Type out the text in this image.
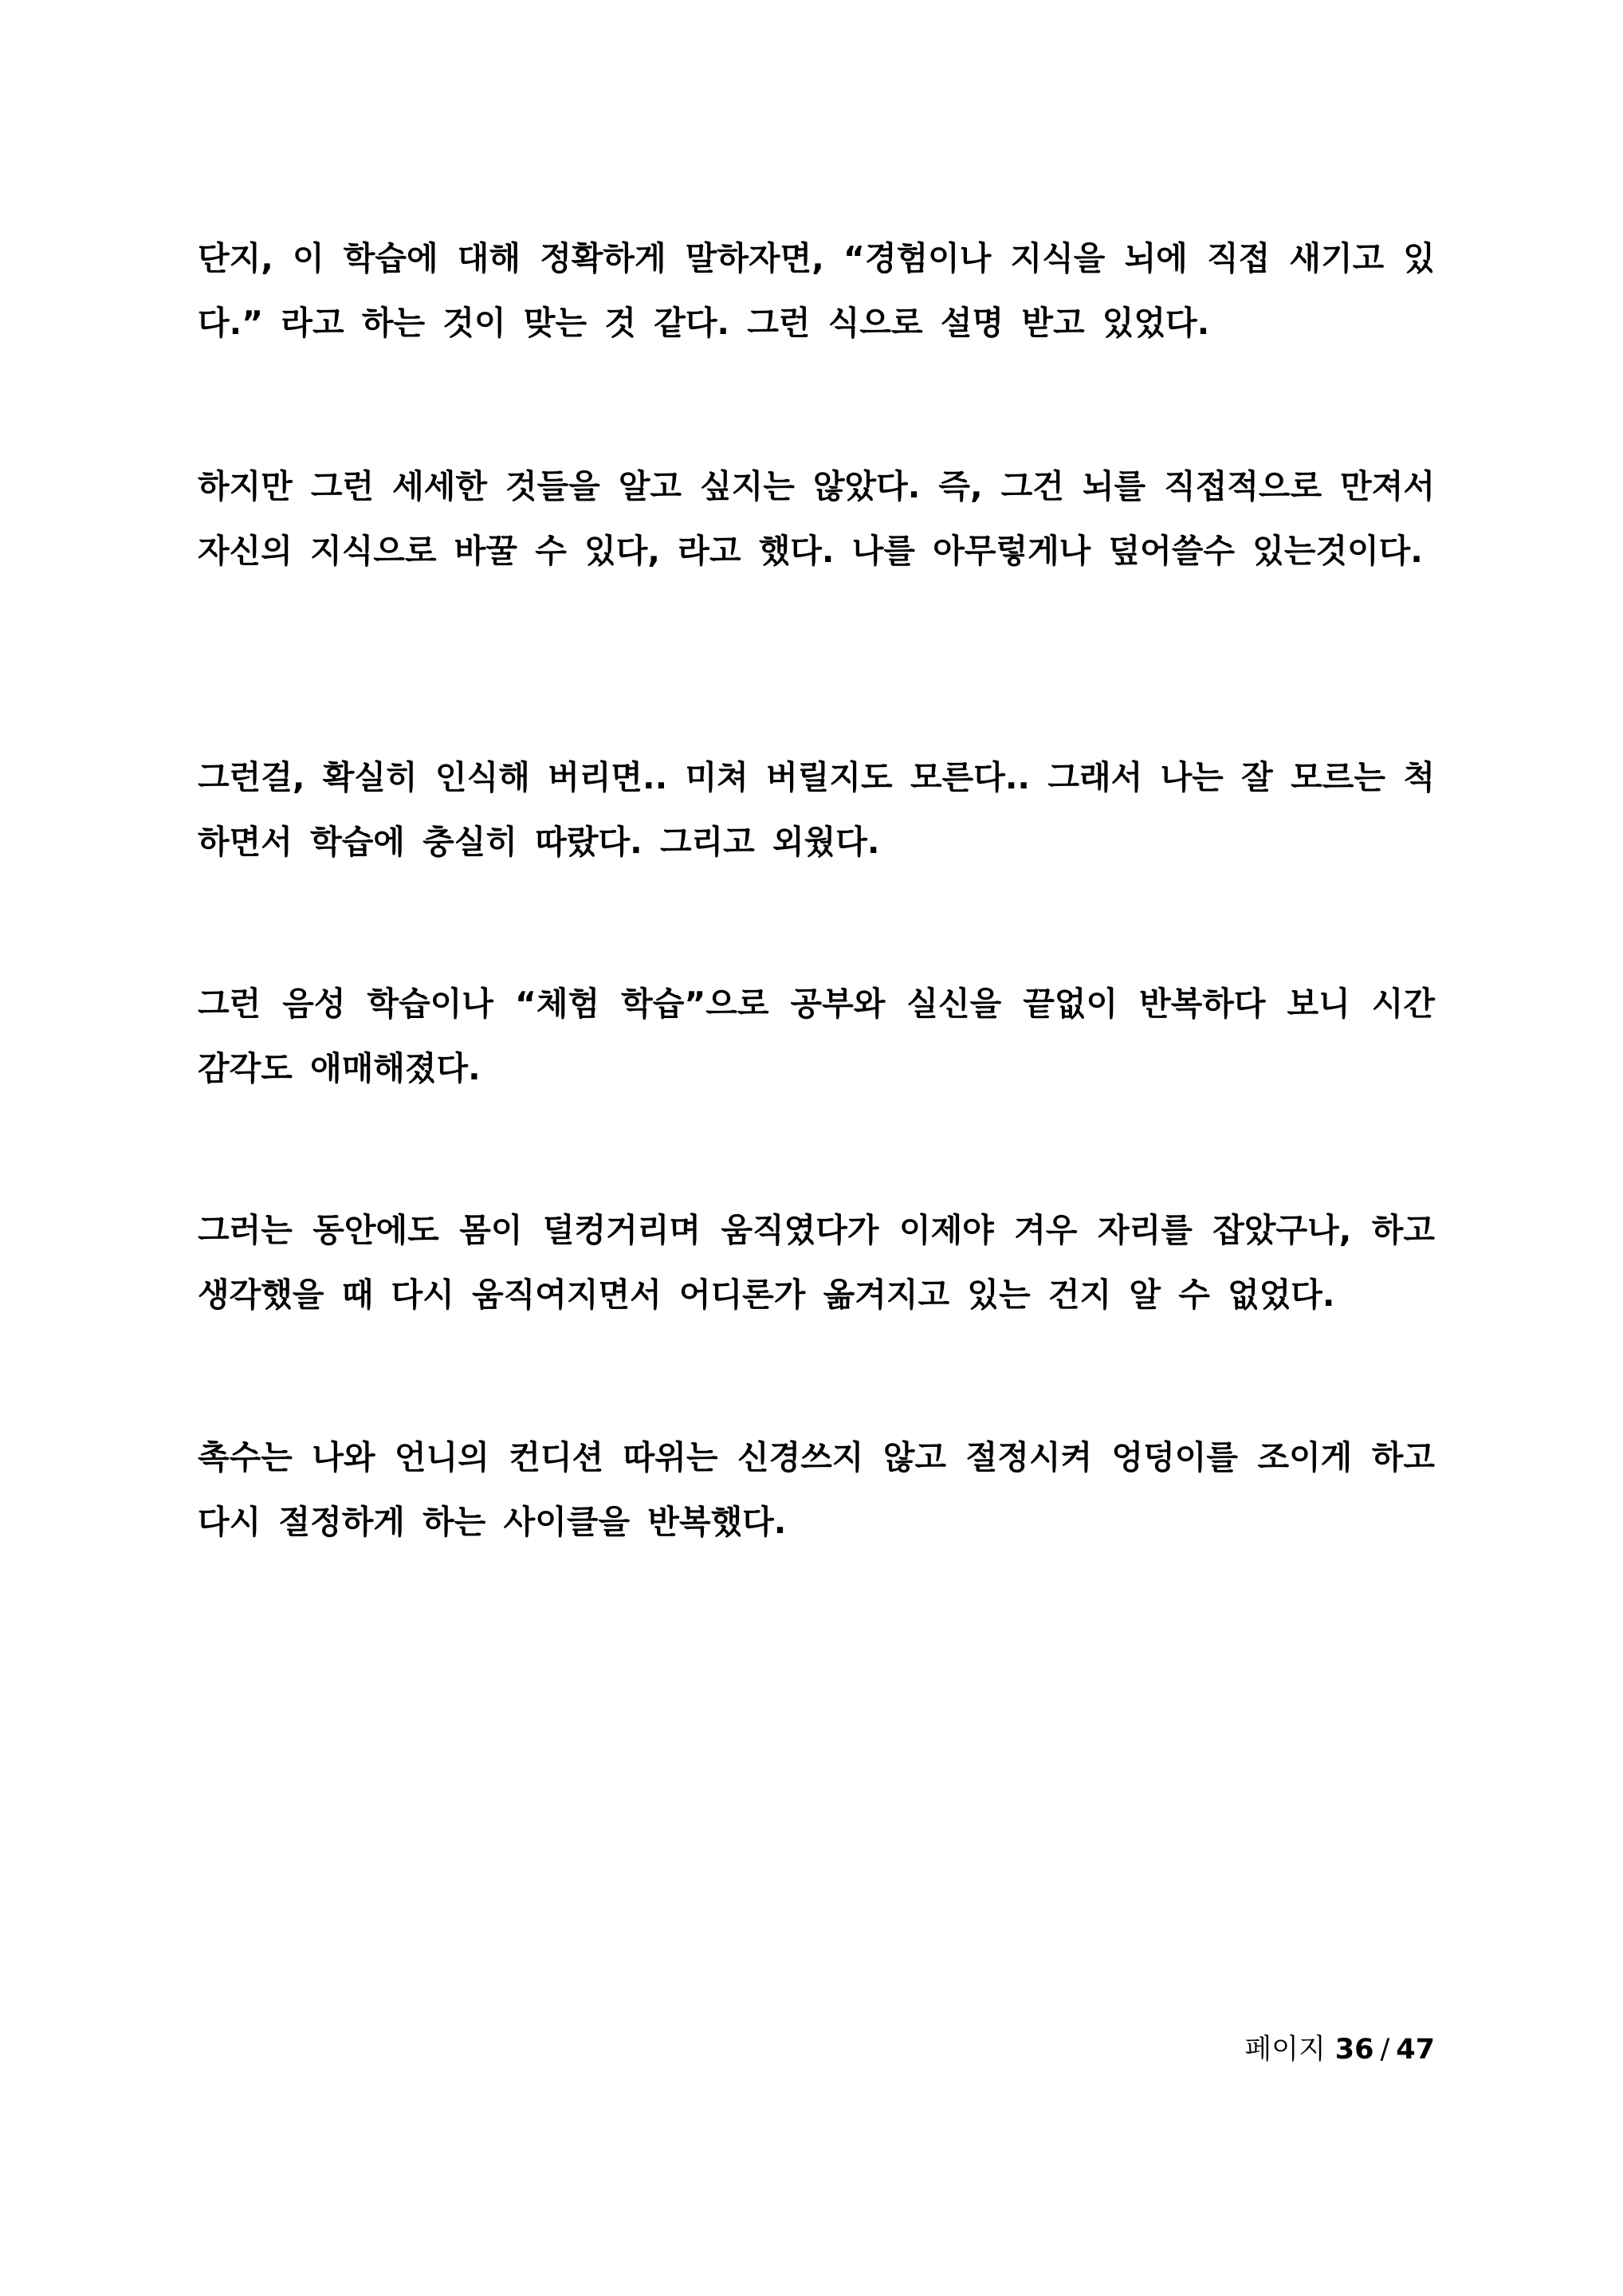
단지, 이 학습에 대해 정확하게 말하자면, “경험이나 지식을 뇌에 직접 새기고 있다.” 라고 하는 것이 맞는 것 같다. 그런 식으로 설명 받고 있었다.

하지만 그런 세세한 것들을 알고 싶지는 않았다. 즉, 그건 뇌를 직접적으로 만져서 자신의 지식으로 바꿀 수 있다, 라고 했다. 나를 아무렇게나 덮어쓸수 있는것이다.

그런걸, 확실히 인식해 버리면.. 미쳐 버릴지도 모른다.. 그래서 나는 잘 모르는 척 하면서 학습에 충실히 따랐다. 그리고 외웠다.

그런 음성 학습이나 “체험 학습”으로 공부와 실신을 끝없이 반복하다 보니 시간 감각도 애매해졌다.

그러는 동안에도 몸이 덜컹거리며 움직였다가 이제야 겨우 자리를 잡았구나, 하고 생각했을 때 다시 움직여지면서 어디론가 옮겨지고 있는 건지 알 수 없었다.

촉수는 나와 언니의 컨디션 따위는 신경쓰지 않고 절정시켜 엉덩이를 조이게 하고 다시 절정하게 하는 사이클을 반복했다.

페이지 36 / 47
